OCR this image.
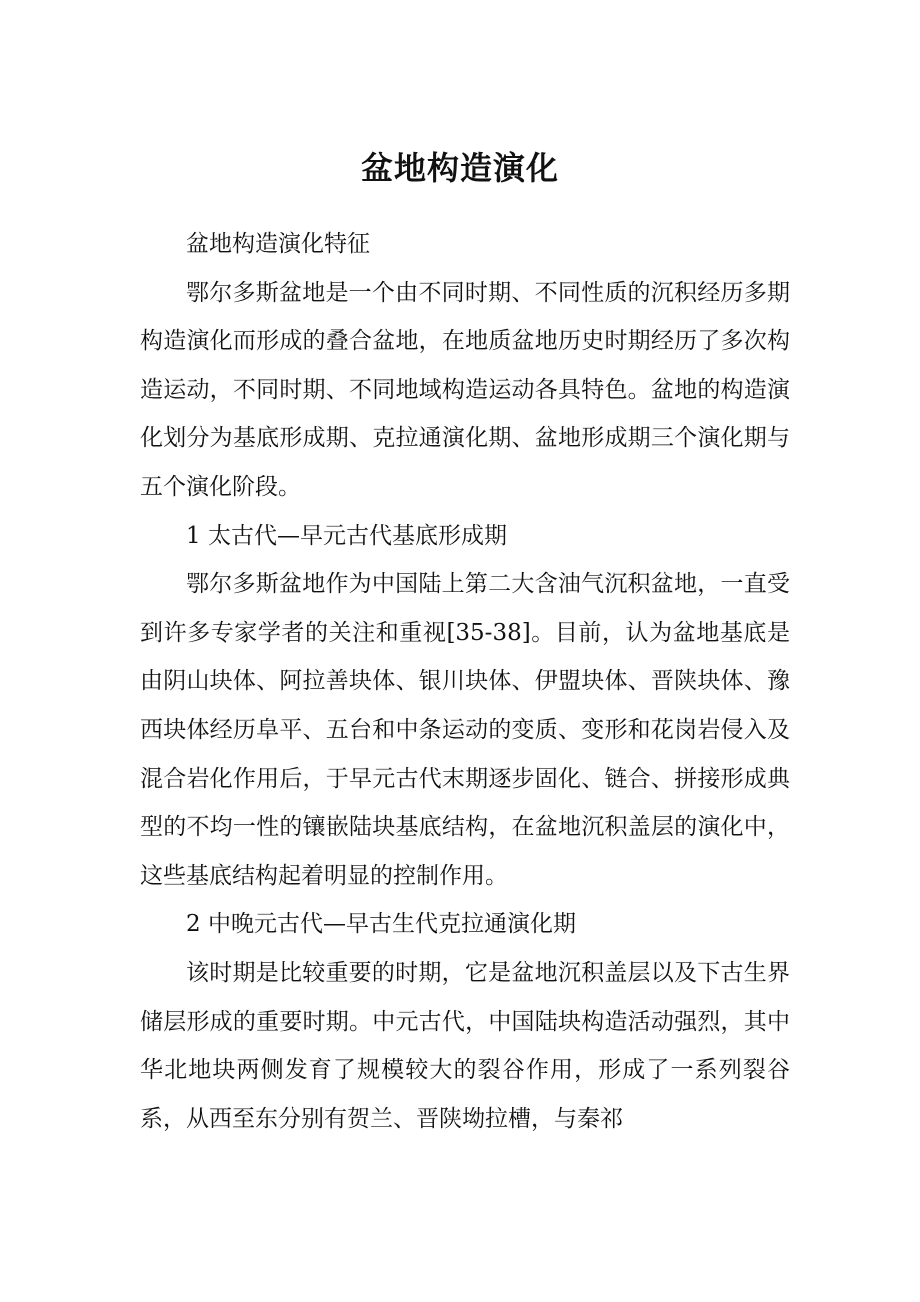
盆地构造演化

盆地构造演化特征

鄂尔多斯盆地是一个由不同时期、不同性质的沉积经历多期构造演化而形成的叠合盆地，在地质盆地历史时期经历了多次构造运动，不同时期、不同地域构造运动各具特色。盆地的构造演化划分为基底形成期、克拉通演化期、盆地形成期三个演化期与五个演化阶段。

1 太古代—早元古代基底形成期

鄂尔多斯盆地作为中国陆上第二大含油气沉积盆地，一直受到许多专家学者的关注和重视[35-38]。目前，认为盆地基底是由阴山块体、阿拉善块体、银川块体、伊盟块体、晋陕块体、豫西块体经历阜平、五台和中条运动的变质、变形和花岗岩侵入及混合岩化作用后，于早元古代末期逐步固化、链合、拼接形成典型的不均一性的镶嵌陆块基底结构，在盆地沉积盖层的演化中，这些基底结构起着明显的控制作用。

2 中晚元古代—早古生代克拉通演化期

该时期是比较重要的时期，它是盆地沉积盖层以及下古生界储层形成的重要时期。中元古代，中国陆块构造活动强烈，其中华北地块两侧发育了规模较大的裂谷作用，形成了一系列裂谷系，从西至东分别有贺兰、晋陕坳拉槽，与秦祁
